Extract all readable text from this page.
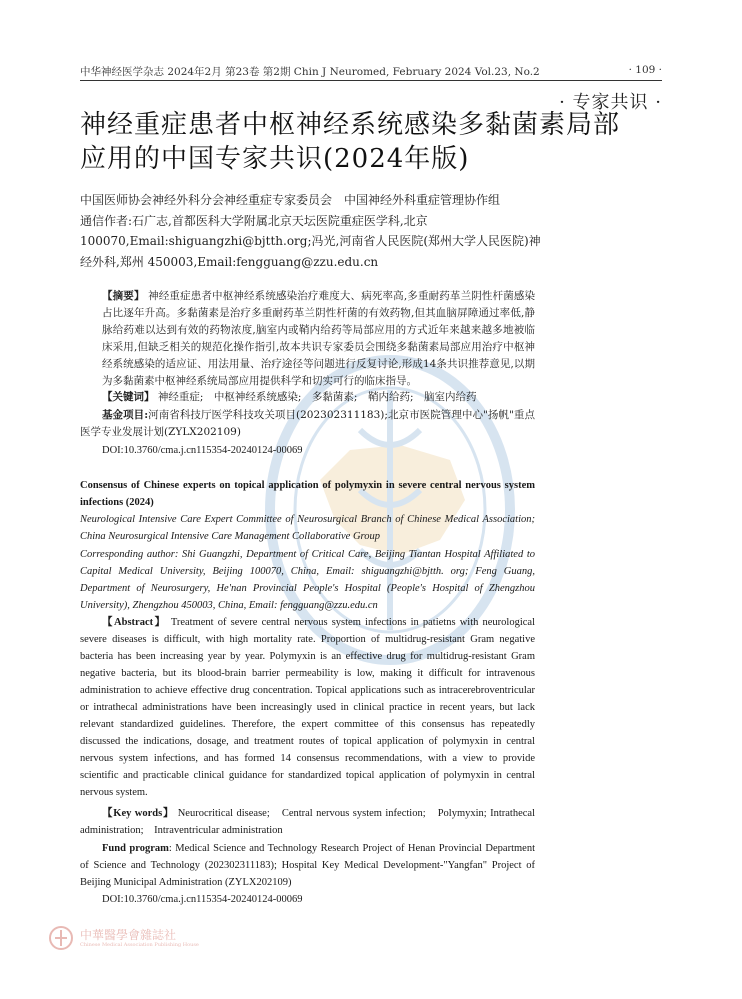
中华神经医学杂志 2024年2月 第23卷 第2期 Chin J Neuromed, February 2024 Vol.23, No.2	· 109 ·
· 专家共识 ·
神经重症患者中枢神经系统感染多黏菌素局部应用的中国专家共识(2024年版)
中国医师协会神经外科分会神经重症专家委员会　中国神经外科重症管理协作组
通信作者:石广志,首都医科大学附属北京天坛医院重症医学科,北京 100070,Email:shiguangzhi@bjtth.org;冯光,河南省人民医院(郑州大学人民医院)神经外科,郑州 450003,Email:fengguang@zzu.edu.cn
【摘要】 神经重症患者中枢神经系统感染治疗难度大、病死率高,多重耐药革兰阴性杆菌感染占比逐年升高。多黏菌素是治疗多重耐药革兰阴性杆菌的有效药物,但其血脑屏障通过率低,静脉给药难以达到有效的药物浓度,脑室内或鞘内给药等局部应用的方式近年来越来越多地被临床采用,但缺乏相关的规范化操作指引,故本共识专家委员会围绕多黏菌素局部应用治疗中枢神经系统感染的适应证、用法用量、治疗途径等问题进行反复讨论,形成14条共识推荐意见,以期为多黏菌素中枢神经系统局部应用提供科学和切实可行的临床指导。
【关键词】 神经重症;　中枢神经系统感染;　多黏菌素;　鞘内给药;　脑室内给药
基金项目:河南省科技厅医学科技攻关项目(202302311183);北京市医院管理中心"扬帆"重点医学专业发展计划(ZYLX202109)
DOI:10.3760/cma.j.cn115354-20240124-00069
Consensus of Chinese experts on topical application of polymyxin in severe central nervous system infections (2024)
Neurological Intensive Care Expert Committee of Neurosurgical Branch of Chinese Medical Association; China Neurosurgical Intensive Care Management Collaborative Group
Corresponding author: Shi Guangzhi, Department of Critical Care, Beijing Tiantan Hospital Affiliated to Capital Medical University, Beijing 100070, China, Email: shiguangzhi@bjtth. org; Feng Guang, Department of Neurosurgery, He'nan Provincial People's Hospital (People's Hospital of Zhengzhou University), Zhengzhou 450003, China, Email: fengguang@zzu.edu.cn
【Abstract】 Treatment of severe central nervous system infections in patietns with neurological severe diseases is difficult, with high mortality rate. Proportion of multidrug-resistant Gram negative bacteria has been increasing year by year. Polymyxin is an effective drug for multidrug-resistant Gram negative bacteria, but its blood-brain barrier permeability is low, making it difficult for intravenous administration to achieve effective drug concentration. Topical applications such as intracerebroventricular or intrathecal administrations have been increasingly used in clinical practice in recent years, but lack relevant standardized guidelines. Therefore, the expert committee of this consensus has repeatedly discussed the indications, dosage, and treatment routes of topical application of polymyxin in central nervous system infections, and has formed 14 consensus recommendations, with a view to provide scientific and practicable clinical guidance for standardized topical application of polymyxin in central nervous system.
【Key words】 Neurocritical disease;　Central nervous system infection;　Polymyxin; Intrathecal administration;　Intraventricular administration
Fund program: Medical Science and Technology Research Project of Henan Provincial Department of Science and Technology (202302311183); Hospital Key Medical Development-"Yangfan" Project of Beijing Municipal Administration (ZYLX202109)
DOI:10.3760/cma.j.cn115354-20240124-00069
中華醫學會雜誌社
Chinese Medical Association Publishing House
